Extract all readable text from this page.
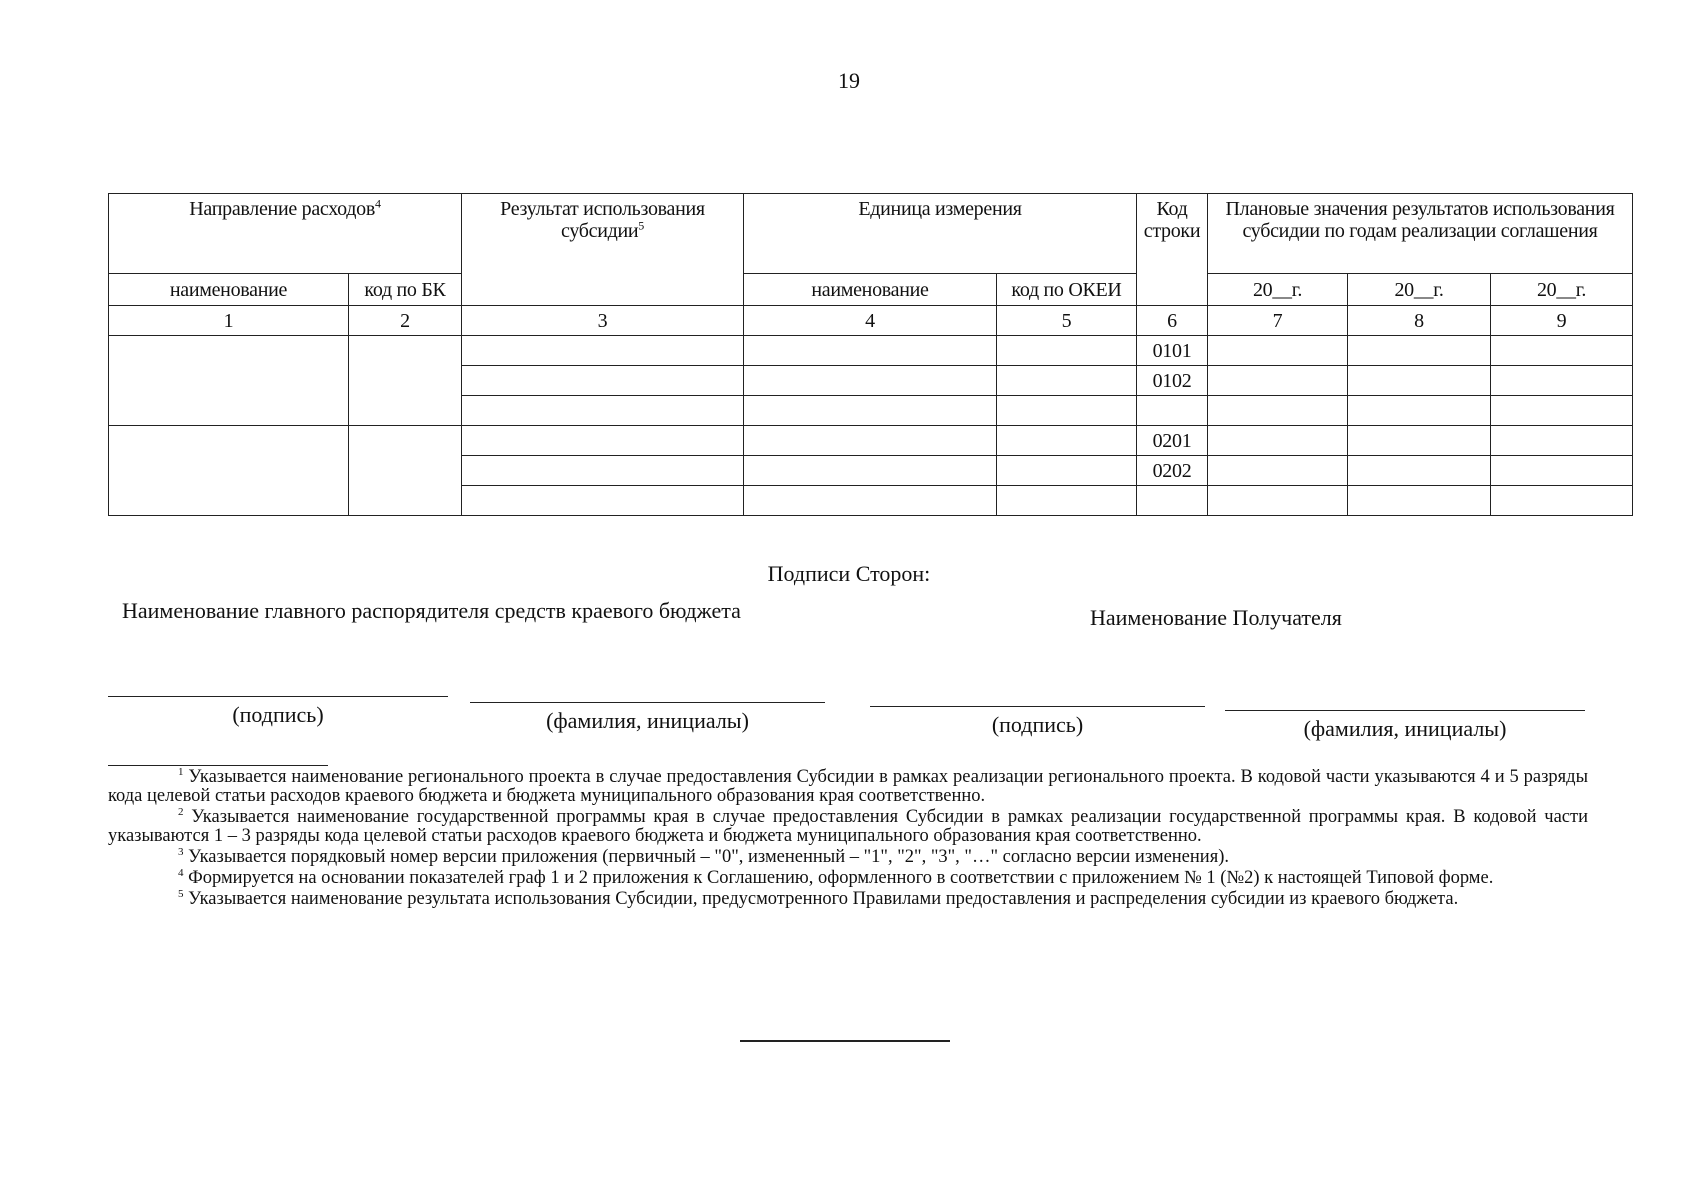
19
Направление расходов$^4$		Результат использования субсидии$^5$	Единица измерения		Код строки	Плановые значения результатов использования субсидии по годам реализации соглашения		
наименование	код по БК		наименование	код по ОКЕИ		20__г.	20__г.	20__г.
1	2	3	4	5	6	7	8	9
					0101			
					0102			

					0201			
					0202			

Подписи Сторон:
Наименование главного распорядителя средств краевого бюджета	Наименование Получателя
(подпись)	(фамилия, инициалы)	(подпись)	(фамилия, инициалы)

$^1$ Указывается наименование регионального проекта в случае предоставления Субсидии в рамках реализации регионального проекта. В кодовой части указываются 4 и 5 разряды кода целевой статьи расходов краевого бюджета и бюджета муниципального образования края соответственно.

$^2$ Указывается наименование государственной программы края в случае предоставления Субсидии в рамках реализации государственной программы края. В кодовой части указываются 1 – 3 разряды кода целевой статьи расходов краевого бюджета и бюджета муниципального образования края соответственно.

$^3$ Указывается порядковый номер версии приложения (первичный – "0", измененный – "1", "2", "3", "…" согласно версии изменения).

$^4$ Формируется на основании показателей граф 1 и 2 приложения к Соглашению, оформленного в соответствии с приложением № 1 (№2) к настоящей Типовой форме.

$^5$ Указывается наименование результата использования Субсидии, предусмотренного Правилами предоставления и распределения субсидии из краевого бюджета.
